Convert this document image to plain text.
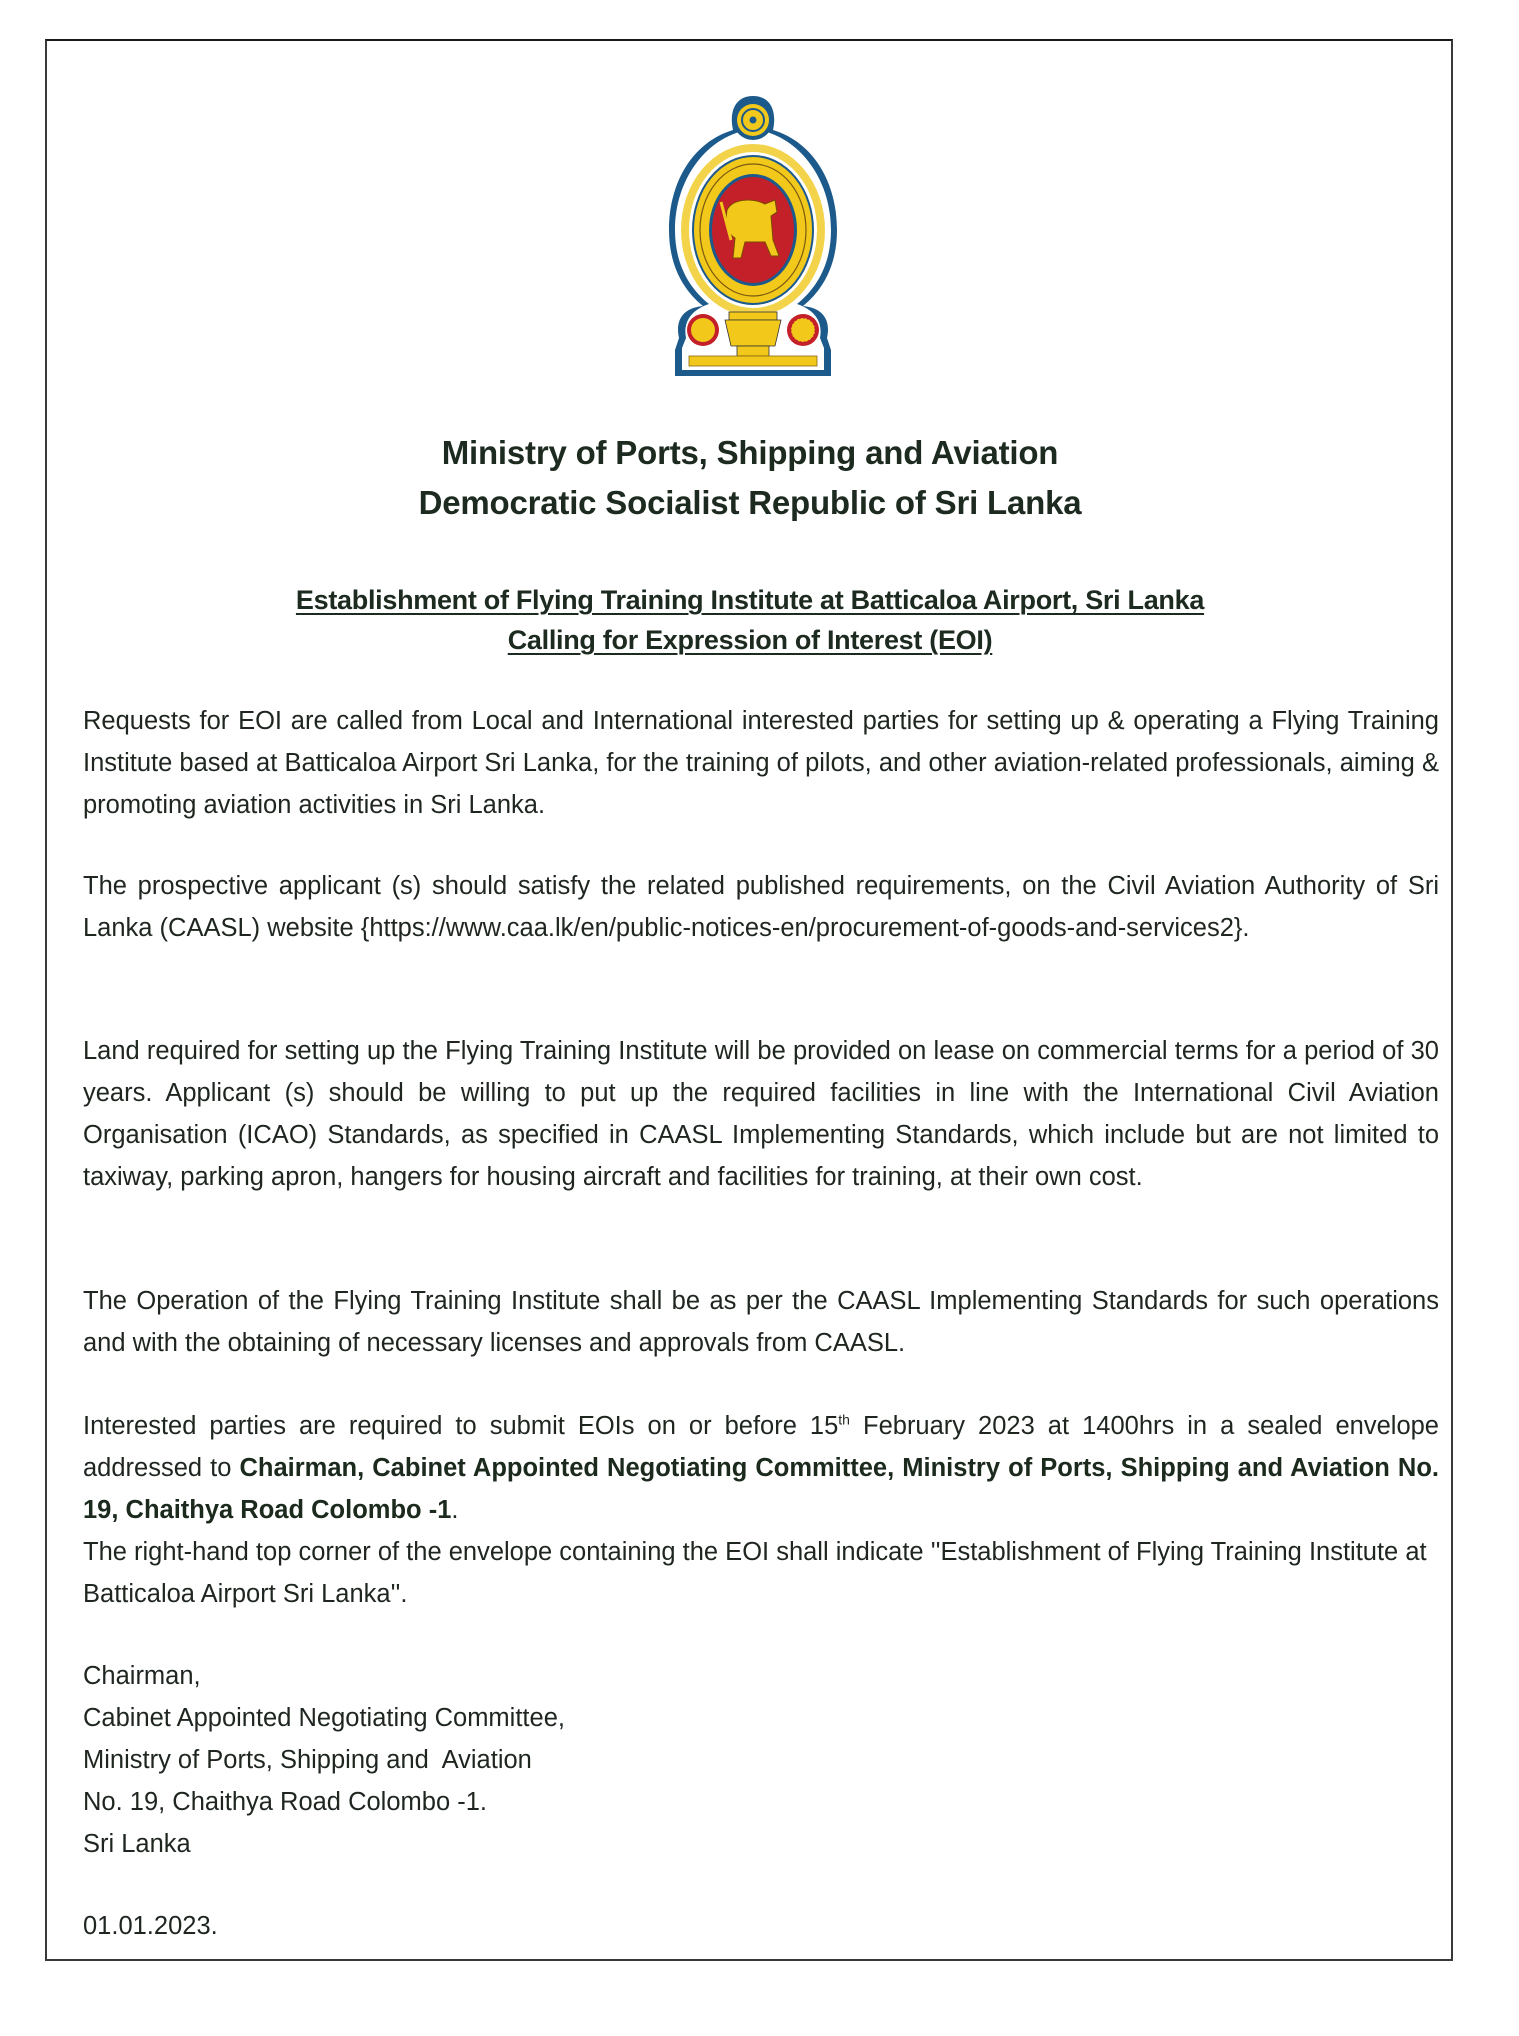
Ministry of Ports, Shipping and Aviation
Democratic Socialist Republic of Sri Lanka
Establishment of Flying Training Institute at Batticaloa Airport, Sri Lanka
Calling for Expression of Interest (EOI)

Requests for EOI are called from Local and International interested parties for setting up & operating a Flying Training Institute based at Batticaloa Airport Sri Lanka, for the training of pilots, and other aviation-related professionals, aiming & promoting aviation activities in Sri Lanka.

The prospective applicant (s) should satisfy the related published requirements, on the Civil Aviation Authority of Sri Lanka (CAASL) website {https://www.caa.lk/en/public-notices-en/procurement-of-goods-and-services2}.

Land required for setting up the Flying Training Institute will be provided on lease on commercial terms for a period of 30 years. Applicant (s) should be willing to put up the required facilities in line with the International Civil Aviation Organisation (ICAO) Standards, as specified in CAASL Implementing Standards, which include but are not limited to taxiway, parking apron, hangers for housing aircraft and facilities for training, at their own cost.

The Operation of the Flying Training Institute shall be as per the CAASL Implementing Standards for such operations and with the obtaining of necessary licenses and approvals from CAASL.

Interested parties are required to submit EOIs on or before 15th February 2023 at 1400hrs in a sealed envelope addressed to Chairman, Cabinet Appointed Negotiating Committee, Ministry of Ports, Shipping and Aviation No. 19, Chaithya Road Colombo -1.

The right-hand top corner of the envelope containing the EOI shall indicate ''Establishment of Flying Training Institute at Batticaloa Airport Sri Lanka''.

Chairman,
Cabinet Appointed Negotiating Committee,
Ministry of Ports, Shipping and  Aviation
No. 19, Chaithya Road Colombo -1.
Sri Lanka
01.01.2023.
